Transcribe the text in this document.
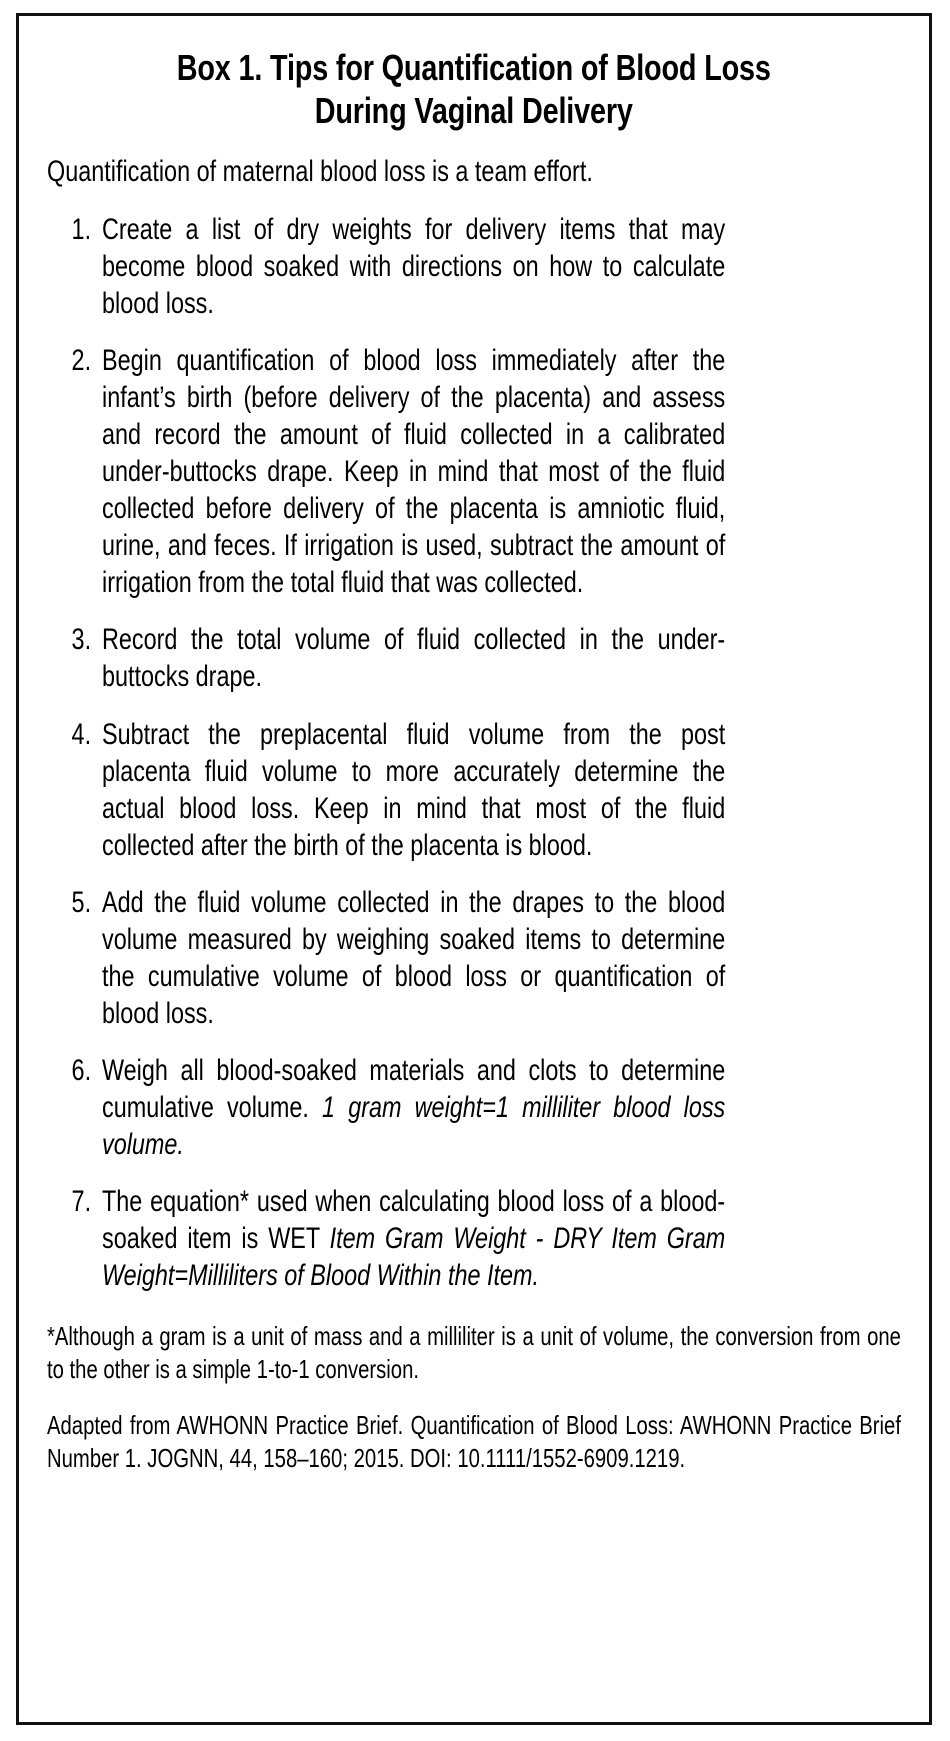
Box 1. Tips for Quantification of Blood Loss
During Vaginal Delivery

Quantification of maternal blood loss is a team effort.

1. Create a list of dry weights for delivery items that may become blood soaked with directions on how to calculate blood loss.
2. Begin quantification of blood loss immediately after the infant’s birth (before delivery of the placenta) and assess and record the amount of fluid collected in a calibrated under-buttocks drape. Keep in mind that most of the fluid collected before delivery of the placenta is amniotic fluid, urine, and feces. If irrigation is used, subtract the amount of irrigation from the total fluid that was collected.
3. Record the total volume of fluid collected in the under-buttocks drape.
4. Subtract the preplacental fluid volume from the post placenta fluid volume to more accurately determine the actual blood loss. Keep in mind that most of the fluid collected after the birth of the placenta is blood.
5. Add the fluid volume collected in the drapes to the blood volume measured by weighing soaked items to determine the cumulative volume of blood loss or quantification of blood loss.
6. Weigh all blood-soaked materials and clots to determine cumulative volume. 1 gram weight=1 milliliter blood loss volume.
7. The equation* used when calculating blood loss of a blood-soaked item is WET Item Gram Weight - DRY Item Gram Weight=Milliliters of Blood Within the Item.

*Although a gram is a unit of mass and a milliliter is a unit of volume, the conversion from one to the other is a simple 1-to-1 conversion.

Adapted from AWHONN Practice Brief. Quantification of Blood Loss: AWHONN Practice Brief Number 1. JOGNN, 44, 158–160; 2015. DOI: 10.1111/1552-6909.1219.
